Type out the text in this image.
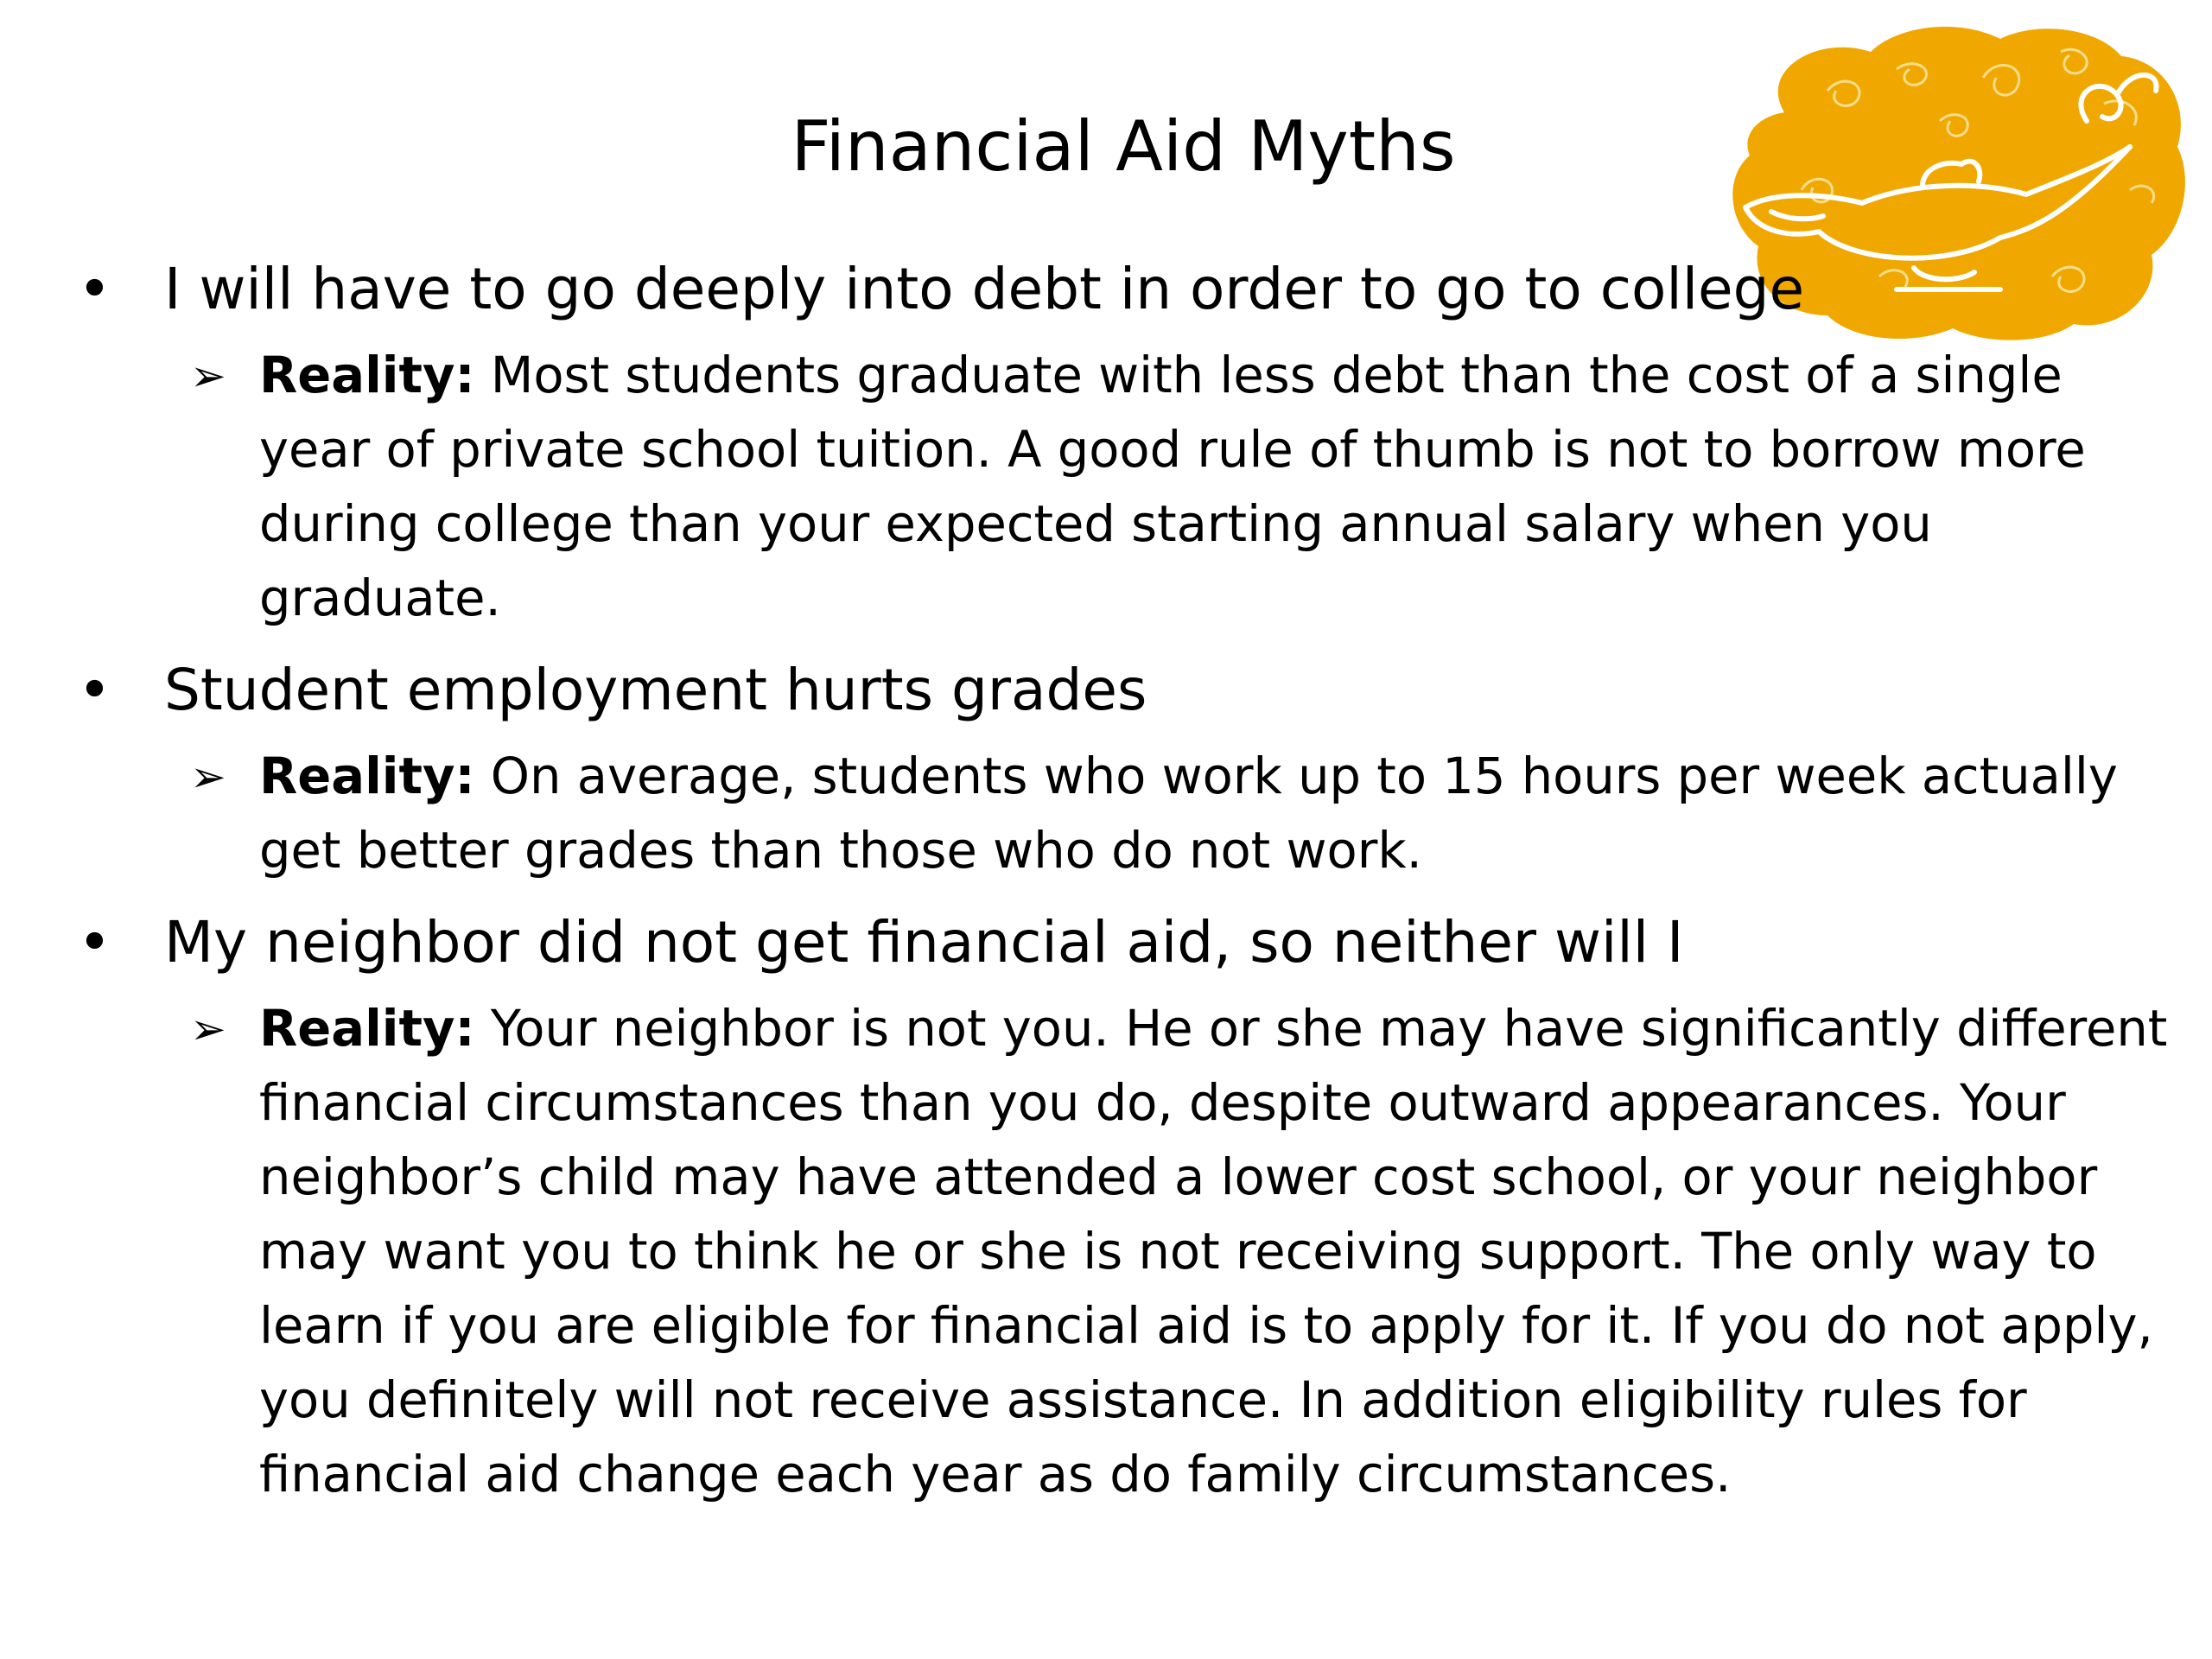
Financial Aid Myths

• I will have to go deeply into debt in order to go to college

➢ Reality: Most students graduate with less debt than the cost of a single year of private school tuition. A good rule of thumb is not to borrow more during college than your expected starting annual salary when you graduate.

• Student employment hurts grades

➢ Reality: On average, students who work up to 15 hours per week actually get better grades than those who do not work.

• My neighbor did not get financial aid, so neither will I

➢ Reality: Your neighbor is not you. He or she may have significantly different financial circumstances than you do, despite outward appearances. Your neighbor’s child may have attended a lower cost school, or your neighbor may want you to think he or she is not receiving support. The only way to learn if you are eligible for financial aid is to apply for it. If you do not apply, you definitely will not receive assistance. In addition eligibility rules for financial aid change each year as do family circumstances.
